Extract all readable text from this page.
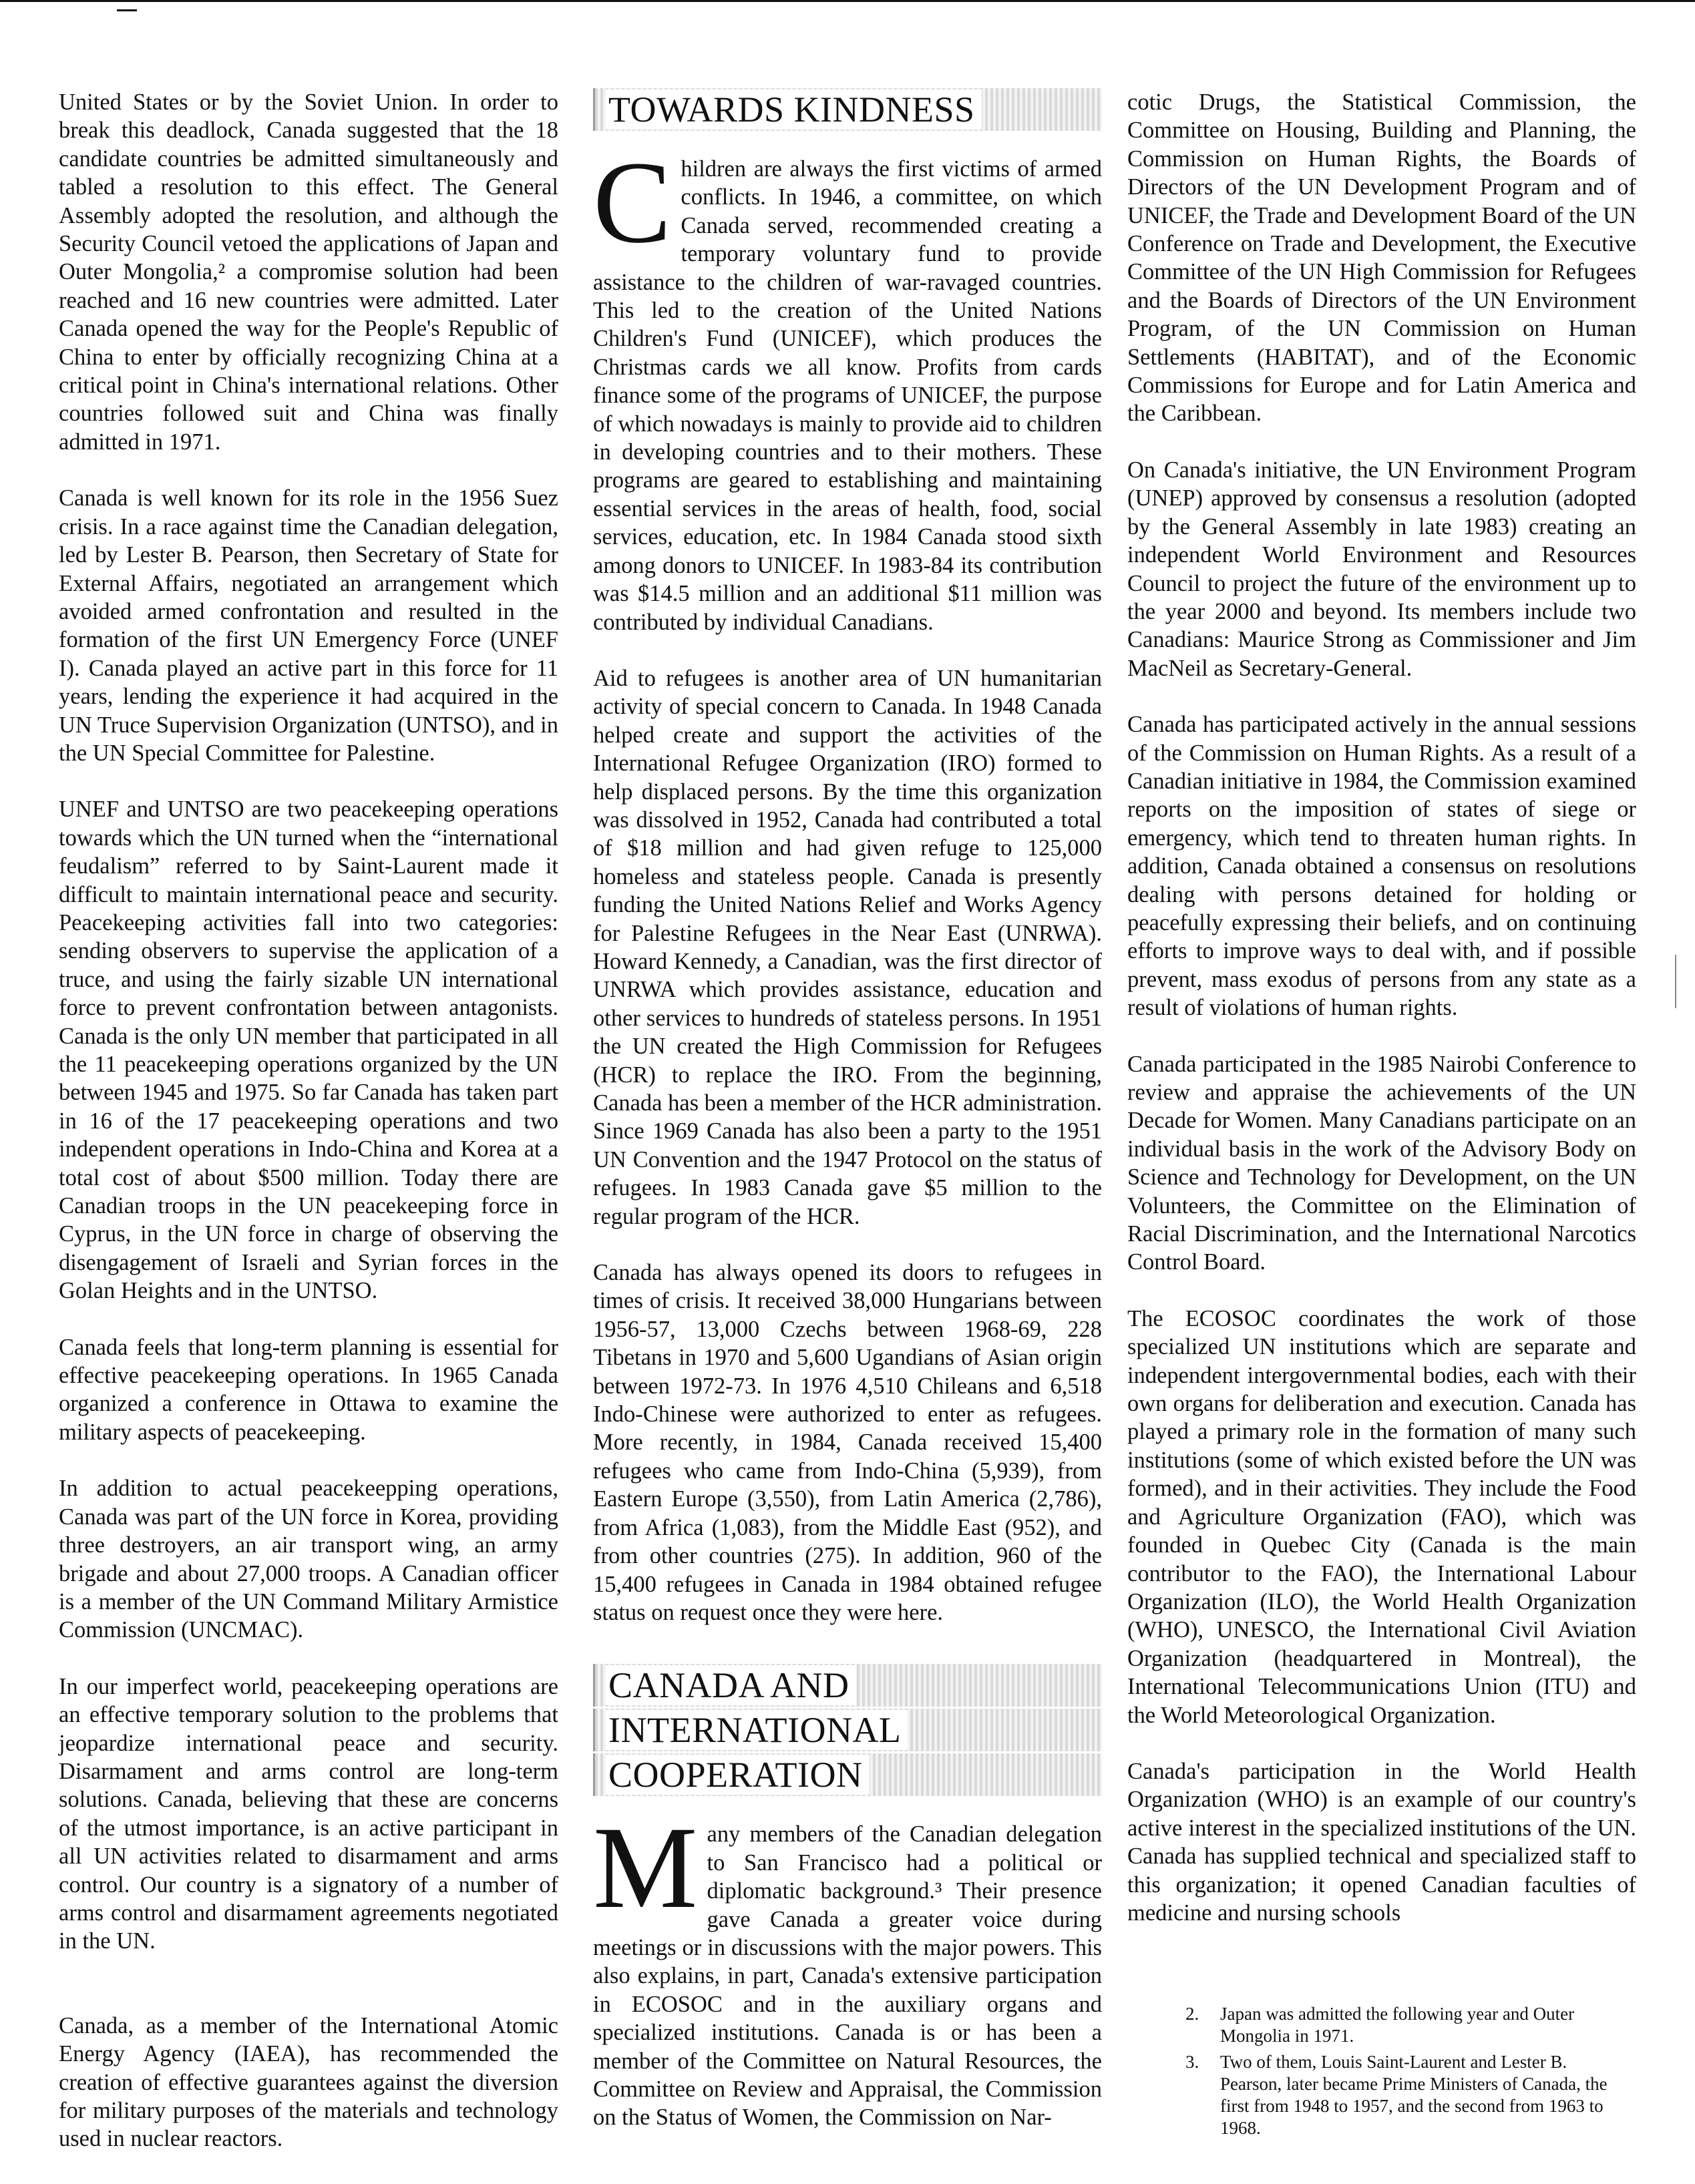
United States or by the Soviet Union. In order to break this deadlock, Canada suggested that the 18 candidate countries be admitted simultaneously and tabled a resolution to this effect. The General Assembly adopted the resolution, and although the Security Council vetoed the applications of Japan and Outer Mongolia,² a compromise solution had been reached and 16 new countries were admitted. Later Canada opened the way for the People's Republic of China to enter by officially recognizing China at a critical point in China's international relations. Other countries followed suit and China was finally admitted in 1971.

Canada is well known for its role in the 1956 Suez crisis. In a race against time the Canadian delegation, led by Lester B. Pearson, then Secretary of State for External Affairs, negotiated an arrangement which avoided armed confrontation and resulted in the formation of the first UN Emergency Force (UNEF I). Canada played an active part in this force for 11 years, lending the experience it had acquired in the UN Truce Supervision Organization (UNTSO), and in the UN Special Committee for Palestine.

UNEF and UNTSO are two peacekeeping operations towards which the UN turned when the “international feudalism” referred to by Saint-Laurent made it difficult to maintain international peace and security. Peacekeeping activities fall into two categories: sending observers to supervise the application of a truce, and using the fairly sizable UN international force to prevent confrontation between antagonists. Canada is the only UN member that participated in all the 11 peacekeeping operations organized by the UN between 1945 and 1975. So far Canada has taken part in 16 of the 17 peacekeeping operations and two independent operations in Indo-China and Korea at a total cost of about $500 million. Today there are Canadian troops in the UN peacekeeping force in Cyprus, in the UN force in charge of observing the disengagement of Israeli and Syrian forces in the Golan Heights and in the UNTSO.

Canada feels that long-term planning is essential for effective peacekeeping operations. In 1965 Canada organized a conference in Ottawa to examine the military aspects of peacekeeping.

In addition to actual peacekeepping operations, Canada was part of the UN force in Korea, providing three destroyers, an air transport wing, an army brigade and about 27,000 troops. A Canadian officer is a member of the UN Command Military Armistice Commission (UNCMAC).

In our imperfect world, peacekeeping operations are an effective temporary solution to the problems that jeopardize international peace and security. Disarmament and arms control are long-term solutions. Canada, believing that these are concerns of the utmost importance, is an active participant in all UN activities related to disarmament and arms control. Our country is a signatory of a number of arms control and disarmament agreements negotiated in the UN.

Canada, as a member of the International Atomic Energy Agency (IAEA), has recommended the creation of effective guarantees against the diversion for military purposes of the materials and technology used in nuclear reactors.

TOWARDS KINDNESS

Children are always the first victims of armed conflicts. In 1946, a committee, on which Canada served, recommended creating a temporary voluntary fund to provide assistance to the children of war-ravaged countries. This led to the creation of the United Nations Children's Fund (UNICEF), which produces the Christmas cards we all know. Profits from cards finance some of the programs of UNICEF, the purpose of which nowadays is mainly to provide aid to children in developing countries and to their mothers. These programs are geared to establishing and maintaining essential services in the areas of health, food, social services, education, etc. In 1984 Canada stood sixth among donors to UNICEF. In 1983-84 its contribution was $14.5 million and an additional $11 million was contributed by individual Canadians.

Aid to refugees is another area of UN humanitarian activity of special concern to Canada. In 1948 Canada helped create and support the activities of the International Refugee Organization (IRO) formed to help displaced persons. By the time this organization was dissolved in 1952, Canada had contributed a total of $18 million and had given refuge to 125,000 homeless and stateless people. Canada is presently funding the United Nations Relief and Works Agency for Palestine Refugees in the Near East (UNRWA). Howard Kennedy, a Canadian, was the first director of UNRWA which provides assistance, education and other services to hundreds of stateless persons. In 1951 the UN created the High Commission for Refugees (HCR) to replace the IRO. From the beginning, Canada has been a member of the HCR administration. Since 1969 Canada has also been a party to the 1951 UN Convention and the 1947 Protocol on the status of refugees. In 1983 Canada gave $5 million to the regular program of the HCR.

Canada has always opened its doors to refugees in times of crisis. It received 38,000 Hungarians between 1956-57, 13,000 Czechs between 1968-69, 228 Tibetans in 1970 and 5,600 Ugandians of Asian origin between 1972-73. In 1976 4,510 Chileans and 6,518 Indo-Chinese were authorized to enter as refugees. More recently, in 1984, Canada received 15,400 refugees who came from Indo-China (5,939), from Eastern Europe (3,550), from Latin America (2,786), from Africa (1,083), from the Middle East (952), and from other countries (275). In addition, 960 of the 15,400 refugees in Canada in 1984 obtained refugee status on request once they were here.

CANADA AND
INTERNATIONAL
COOPERATION

Many members of the Canadian delegation to San Francisco had a political or diplomatic background.³ Their presence gave Canada a greater voice during meetings or in discussions with the major powers. This also explains, in part, Canada's extensive participation in ECOSOC and in the auxiliary organs and specialized institutions. Canada is or has been a member of the Committee on Natural Resources, the Committee on Review and Appraisal, the Commission on the Status of Women, the Commission on Nar-

cotic Drugs, the Statistical Commission, the Committee on Housing, Building and Planning, the Commission on Human Rights, the Boards of Directors of the UN Development Program and of UNICEF, the Trade and Development Board of the UN Conference on Trade and Development, the Executive Committee of the UN High Commission for Refugees and the Boards of Directors of the UN Environment Program, of the UN Commission on Human Settlements (HABITAT), and of the Economic Commissions for Europe and for Latin America and the Caribbean.

On Canada's initiative, the UN Environment Program (UNEP) approved by consensus a resolution (adopted by the General Assembly in late 1983) creating an independent World Environment and Resources Council to project the future of the environment up to the year 2000 and beyond. Its members include two Canadians: Maurice Strong as Commissioner and Jim MacNeil as Secretary-General.

Canada has participated actively in the annual sessions of the Commission on Human Rights. As a result of a Canadian initiative in 1984, the Commission examined reports on the imposition of states of siege or emergency, which tend to threaten human rights. In addition, Canada obtained a consensus on resolutions dealing with persons detained for holding or peacefully expressing their beliefs, and on continuing efforts to improve ways to deal with, and if possible prevent, mass exodus of persons from any state as a result of violations of human rights.

Canada participated in the 1985 Nairobi Conference to review and appraise the achievements of the UN Decade for Women. Many Canadians participate on an individual basis in the work of the Advisory Body on Science and Technology for Development, on the UN Volunteers, the Committee on the Elimination of Racial Discrimination, and the International Narcotics Control Board.

The ECOSOC coordinates the work of those specialized UN institutions which are separate and independent intergovernmental bodies, each with their own organs for deliberation and execution. Canada has played a primary role in the formation of many such institutions (some of which existed before the UN was formed), and in their activities. They include the Food and Agriculture Organization (FAO), which was founded in Quebec City (Canada is the main contributor to the FAO), the International Labour Organization (ILO), the World Health Organization (WHO), UNESCO, the International Civil Aviation Organization (headquartered in Montreal), the International Telecommunications Union (ITU) and the World Meteorological Organization.

Canada's participation in the World Health Organization (WHO) is an example of our country's active interest in the specialized institutions of the UN. Canada has supplied technical and specialized staff to this organization; it opened Canadian faculties of medicine and nursing schools

2. Japan was admitted the following year and Outer Mongolia in 1971.
3. Two of them, Louis Saint-Laurent and Lester B. Pearson, later became Prime Ministers of Canada, the first from 1948 to 1957, and the second from 1963 to 1968.
